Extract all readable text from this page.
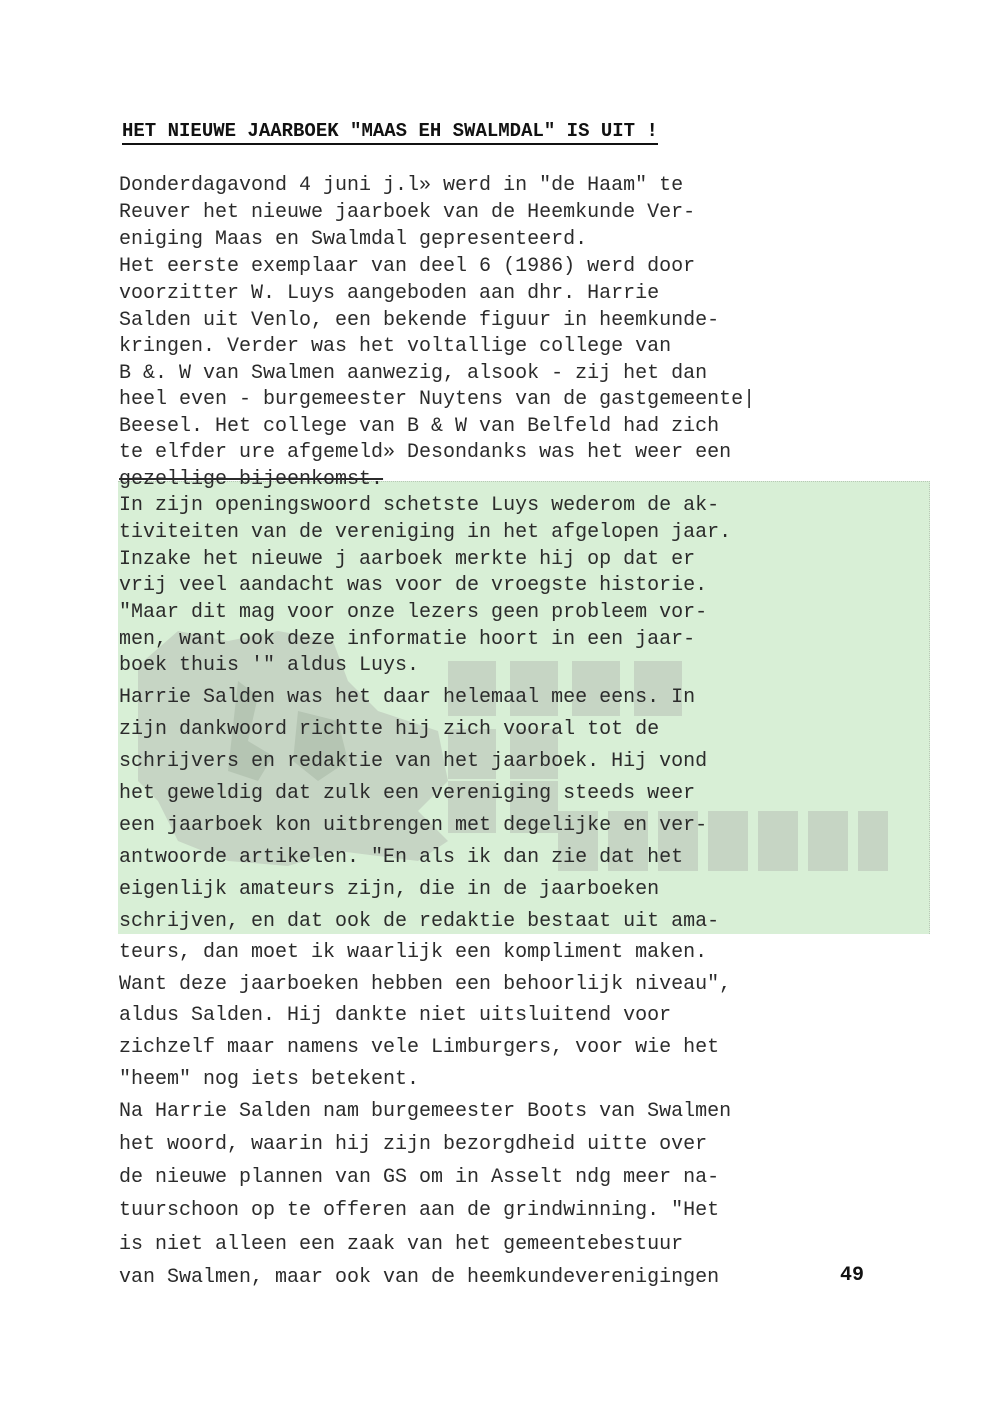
HET NIEUWE JAARBOEK "MAAS EH SWALMDAL" IS UIT !
Donderdagavond 4 juni j.l» werd in "de Haam" te
Reuver het nieuwe jaarboek van de Heemkunde Ver-
eniging Maas en Swalmdal gepresenteerd.
Het eerste exemplaar van deel 6 (1986) werd door
voorzitter W. Luys aangeboden aan dhr. Harrie
Salden uit Venlo, een bekende figuur in heemkunde-
kringen. Verder was het voltallige college van
B &. W van Swalmen aanwezig, alsook - zij het dan
heel even - burgemeester Nuytens van de gastgemeente|
Beesel. Het college van B & W van Belfeld had zich
te elfder ure afgemeld» Desondanks was het weer een
gezellige bijeenkomst.
In zijn openingswoord schetste Luys wederom de ak-
tiviteiten van de vereniging in het afgelopen jaar.
Inzake het nieuwe j aarboek merkte hij op dat er
vrij veel aandacht was voor de vroegste historie.
"Maar dit mag voor onze lezers geen probleem vor-
men, want ook deze informatie hoort in een jaar-
boek thuis '" aldus Luys.
Harrie Salden was het daar helemaal mee eens. In
zijn dankwoord richtte hij zich vooral tot de
schrijvers en redaktie van het jaarboek. Hij vond
het geweldig dat zulk een vereniging steeds weer
een jaarboek kon uitbrengen met degelijke en ver-
antwoorde artikelen. "En als ik dan zie dat het
eigenlijk amateurs zijn, die in de jaarboeken
schrijven, en dat ook de redaktie bestaat uit ama-
teurs, dan moet ik waarlijk een kompliment maken.
Want deze jaarboeken hebben een behoorlijk niveau",
aldus Salden. Hij dankte niet uitsluitend voor
zichzelf maar namens vele Limburgers, voor wie het
"heem" nog iets betekent.
Na Harrie Salden nam burgemeester Boots van Swalmen
het woord, waarin hij zijn bezorgdheid uitte over
de nieuwe plannen van GS om in Asselt ndg meer na-
tuurschoon op te offeren aan de grindwinning. "Het
is niet alleen een zaak van het gemeentebestuur
van Swalmen, maar ook van de heemkundeverenigingen	49
